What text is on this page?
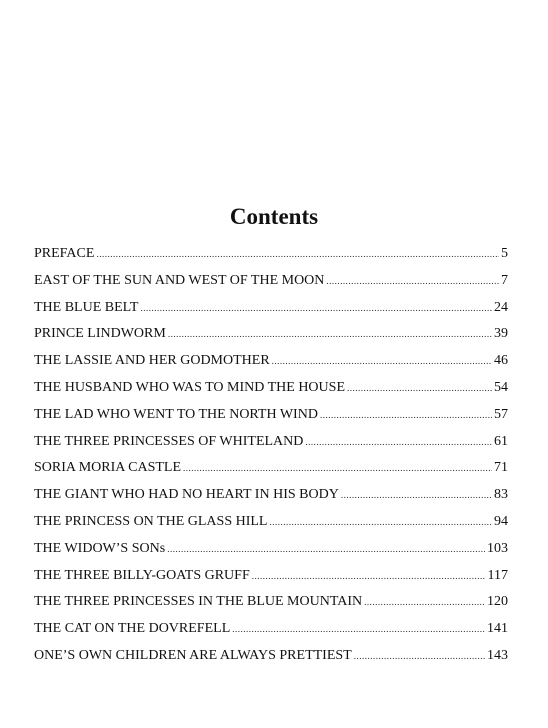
Contents
PREFACE .....	5
EAST OF THE SUN AND WEST OF THE MOON .....	7
THE BLUE BELT .....	24
PRINCE LINDWORM .....	39
THE LASSIE AND HER GODMOTHER .....	46
THE HUSBAND WHO WAS TO MIND THE HOUSE .....	54
THE LAD WHO WENT TO THE NORTH WIND .....	57
THE THREE PRINCESSES OF WHITELAND .....	61
SORIA MORIA CASTLE .....	71
THE GIANT WHO HAD NO HEART IN HIS BODY .....	83
THE PRINCESS ON THE GLASS HILL .....	94
THE WIDOW’S SONs .....	103
THE THREE BILLY-GOATS GRUFF .....	117
THE THREE PRINCESSES IN THE BLUE MOUNTAIN .....	120
THE CAT ON THE DOVREFELL .....	141
ONE’S OWN CHILDREN ARE ALWAYS PRETTIEST .....	143
